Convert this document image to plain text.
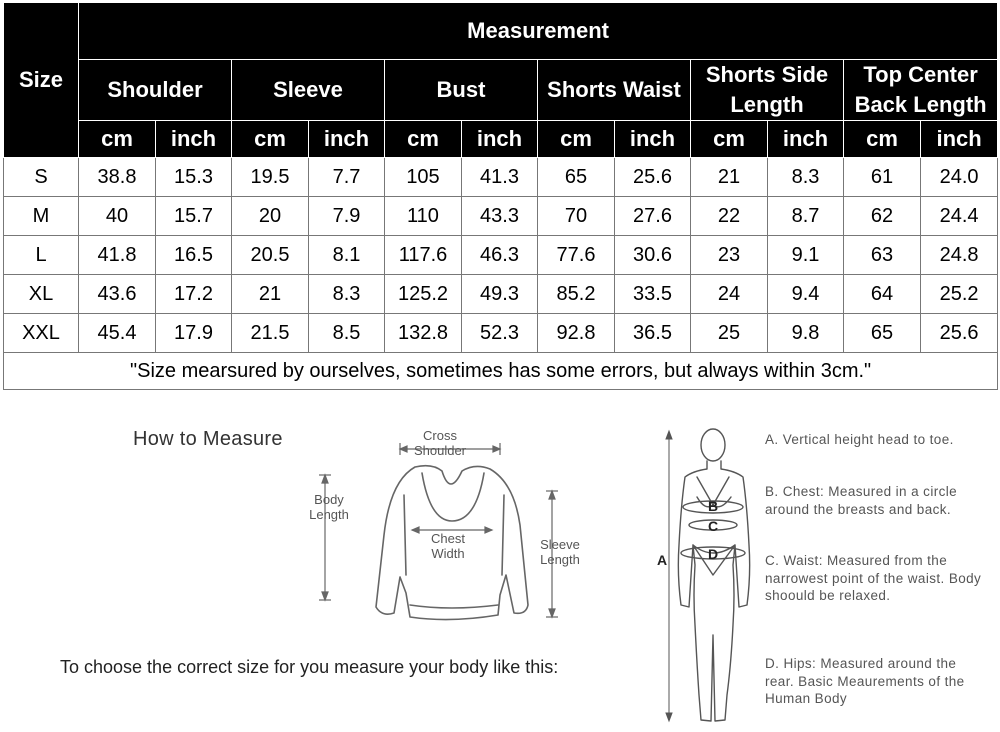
Size	Measurement											
	Shoulder		Sleeve		Bust		Shorts Waist		Shorts Side Length		Top Center Back Length	
	cm	inch	cm	inch	cm	inch	cm	inch	cm	inch	cm	inch
S	38.8	15.3	19.5	7.7	105	41.3	65	25.6	21	8.3	61	24.0
M	40	15.7	20	7.9	110	43.3	70	27.6	22	8.7	62	24.4
L	41.8	16.5	20.5	8.1	117.6	46.3	77.6	30.6	23	9.1	63	24.8
XL	43.6	17.2	21	8.3	125.2	49.3	85.2	33.5	24	9.4	64	25.2
XXL	45.4	17.9	21.5	8.5	132.8	52.3	92.8	36.5	25	9.8	65	25.6
"Size mearsured by ourselves, sometimes has some errors, but always within 3cm."												
How to Measure	Cross Shoulder
Body Length
Chest Width
Sleeve Length
To choose the correct size for you measure your body like this:
A
B
C
D
A. Vertical height head to toe.
B. Chest: Measured in a circle around the breasts and back.
C. Waist: Measured from the narrowest point of the waist. Body shoould be relaxed.
D. Hips: Measured around the rear. Basic Meaurements of the Human Body
